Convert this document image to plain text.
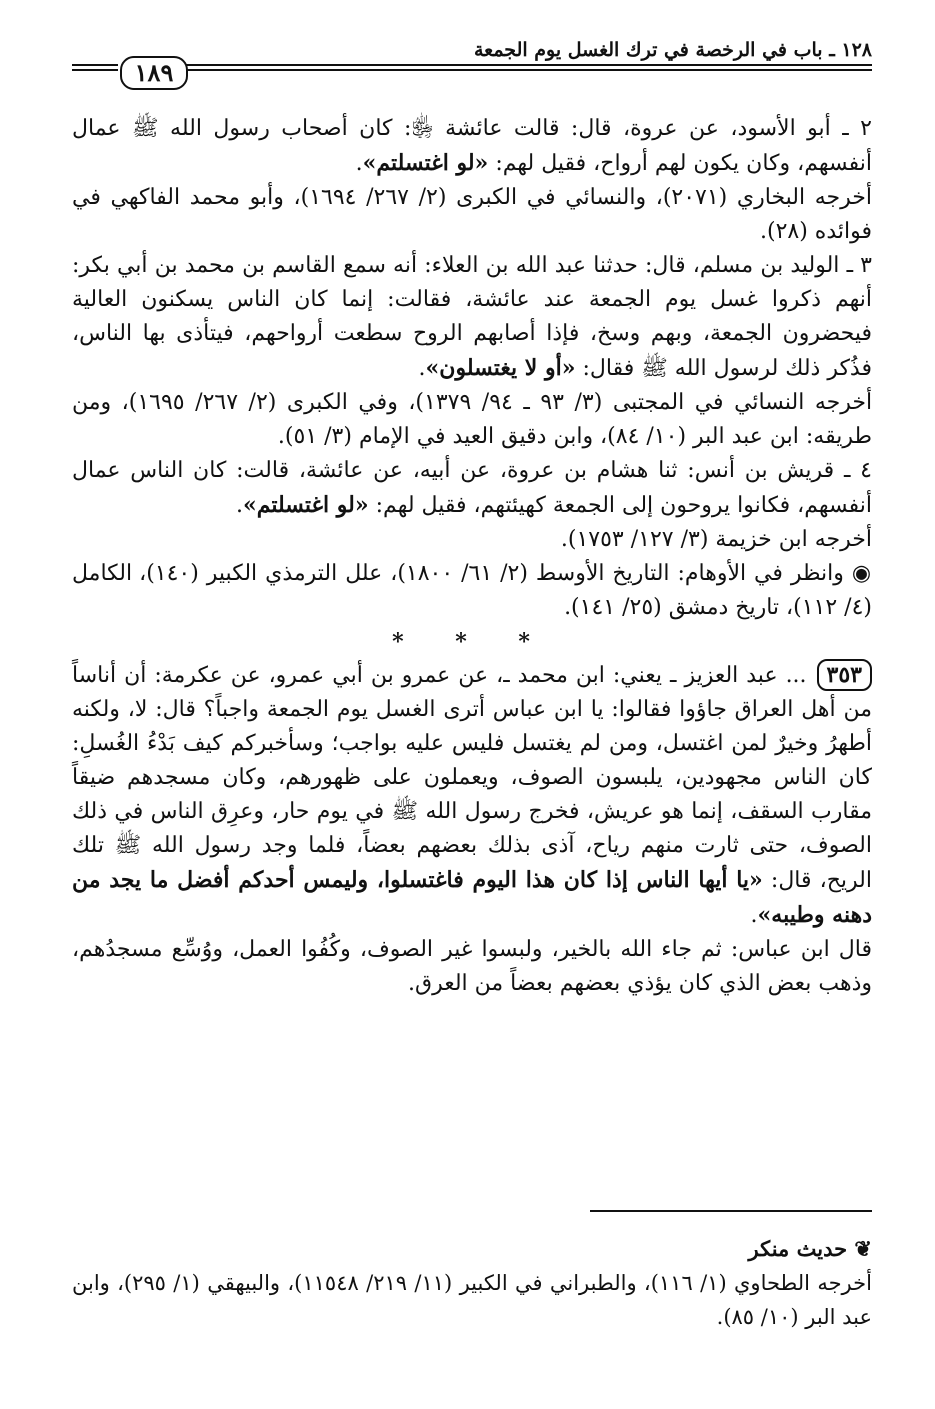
١٢٨ ـ باب في الرخصة في ترك الغسل يوم الجمعة
١٨٩

٢ ـ أبو الأسود، عن عروة، قال: قالت عائشة ﵂: كان أصحاب رسول الله ﷺ عمال أنفسهم، وكان يكون لهم أرواح، فقيل لهم: «لو اغتسلتم».

أخرجه البخاري (٢٠٧١)، والنسائي في الكبرى (٢/ ٢٦٧/ ١٦٩٤)، وأبو محمد الفاكهي في فوائده (٢٨).

٣ ـ الوليد بن مسلم، قال: حدثنا عبد الله بن العلاء: أنه سمع القاسم بن محمد بن أبي بكر: أنهم ذكروا غسل يوم الجمعة عند عائشة، فقالت: إنما كان الناس يسكنون العالية فيحضرون الجمعة، وبهم وسخ، فإذا أصابهم الروح سطعت أرواحهم، فيتأذى بها الناس، فذُكر ذلك لرسول الله ﷺ فقال: «أو لا يغتسلون».

أخرجه النسائي في المجتبى (٣/ ٩٣ ـ ٩٤/ ١٣٧٩)، وفي الكبرى (٢/ ٢٦٧/ ١٦٩٥)، ومن طريقه: ابن عبد البر (١٠/ ٨٤)، وابن دقيق العيد في الإمام (٣/ ٥١).

٤ ـ قريش بن أنس: ثنا هشام بن عروة، عن أبيه، عن عائشة، قالت: كان الناس عمال أنفسهم، فكانوا يروحون إلى الجمعة كهيئتهم، فقيل لهم: «لو اغتسلتم».

أخرجه ابن خزيمة (٣/ ١٢٧/ ١٧٥٣).

◉ وانظر في الأوهام: التاريخ الأوسط (٢/ ٦١/ ١٨٠٠)، علل الترمذي الكبير (١٤٠)، الكامل (٤/ ١١٢)، تاريخ دمشق (٢٥/ ١٤١).

* * *

٣٥٣... عبد العزيز ـ يعني: ابن محمد ـ، عن عمرو بن أبي عمرو، عن عكرمة: أن أناساً من أهل العراق جاؤوا فقالوا: يا ابن عباس أترى الغسل يوم الجمعة واجباً؟ قال: لا، ولكنه أطهرُ وخيرٌ لمن اغتسل، ومن لم يغتسل فليس عليه بواجب؛ وسأخبركم كيف بَدْءُ الغُسلِ: كان الناس مجهودين، يلبسون الصوف، ويعملون على ظهورهم، وكان مسجدهم ضيقاً مقارب السقف، إنما هو عريش، فخرج رسول الله ﷺ في يوم حار، وعرِق الناس في ذلك الصوف، حتى ثارت منهم رياح، آذى بذلك بعضهم بعضاً، فلما وجد رسول الله ﷺ تلك الريح، قال: «يا أيها الناس إذا كان هذا اليوم فاغتسلوا، وليمس أحدكم أفضل ما يجد من دهنه وطيبه».

قال ابن عباس: ثم جاء الله بالخير، ولبسوا غير الصوف، وكُفُوا العمل، ووُسِّع مسجدُهم، وذهب بعض الذي كان يؤذي بعضهم بعضاً من العرق.

❦ حديث منكر

أخرجه الطحاوي (١/ ١١٦)، والطبراني في الكبير (١١/ ٢١٩/ ١١٥٤٨)، والبيهقي (١/ ٢٩٥)، وابن عبد البر (١٠/ ٨٥).
